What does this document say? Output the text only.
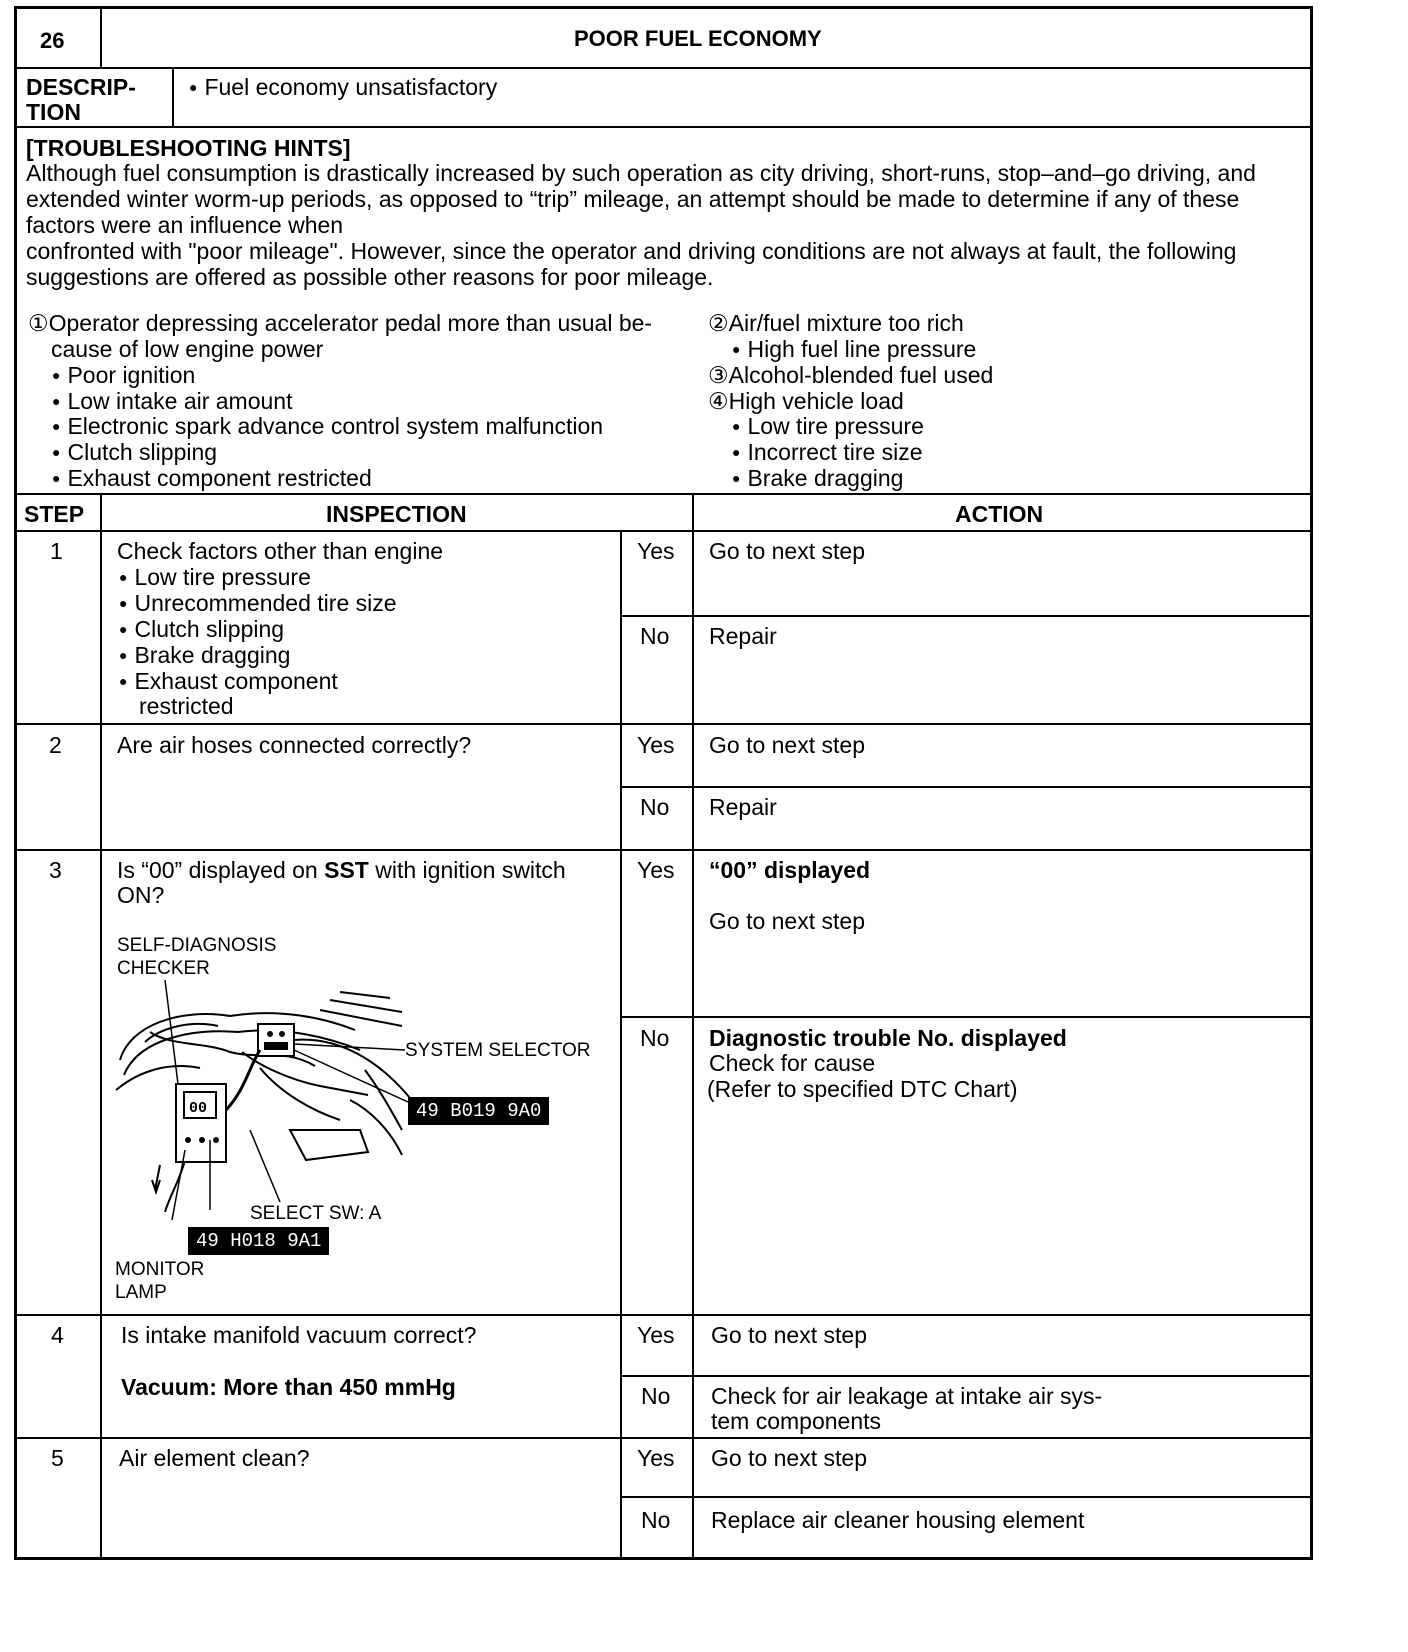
26	POOR FUEL ECONOMY
DESCRIP-
TION
● Fuel economy unsatisfactory
[TROUBLESHOOTING HINTS]
Although fuel consumption is drastically increased by such operation as city driving, short-runs, stop–and–go driving, and
extended winter worm-up periods, as opposed to “trip” mileage, an attempt should be made to determine if any of these
factors were an influence when
confronted with "poor mileage". However, since the operator and driving conditions are not always at fault, the following
suggestions are offered as possible other reasons for poor mileage.
①Operator depressing accelerator pedal more than usual be-
cause of low engine power
● Poor ignition
● Low intake air amount
● Electronic spark advance control system malfunction
● Clutch slipping
● Exhaust component restricted
②Air/fuel mixture too rich
● High fuel line pressure
③Alcohol-blended fuel used
④High vehicle load
● Low tire pressure
● Incorrect tire size
● Brake dragging
STEP	INSPECTION	ACTION
1 Check factors other than engine
● Low tire pressure
● Unrecommended tire size
● Clutch slipping
● Brake dragging
● Exhaust component
restricted
Yes Go to next step
No Repair
2 Are air hoses connected correctly?	Yes Go to next step
No Repair
3 Is “00” displayed on SST with ignition switch
ON?
Yes “00” displayed
Go to next step
No Diagnostic trouble No. displayed
Check for cause
(Refer to specified DTC Chart)
SELF-DIAGNOSIS
CHECKER
SYSTEM SELECTOR
49 B019 9A0
SELECT SW: A
49 H018 9A1
MONITOR
LAMP
00
4 Is intake manifold vacuum correct?
Vacuum: More than 450 mmHg
Yes Go to next step
No Check for air leakage at intake air sys-
tem components
5 Air element clean?	Yes Go to next step
No Replace air cleaner housing element
